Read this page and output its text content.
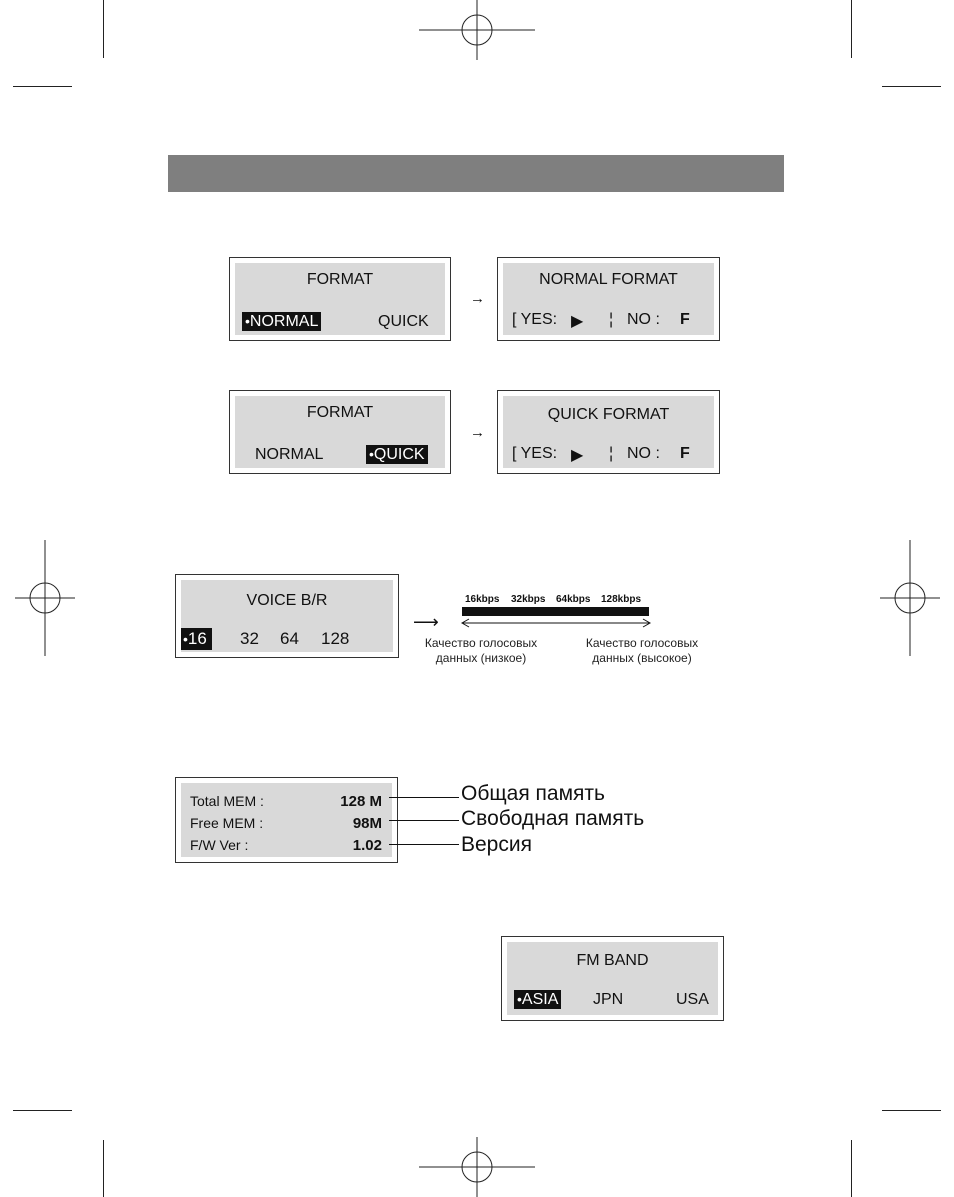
FORMAT
•NORMAL	QUICK
→
NORMAL FORMAT
[ YES: ▶ ¦ NO : F
FORMAT
NORMAL	•QUICK
→
QUICK FORMAT
[ YES: ▶ ¦ NO : F
VOICE B/R
•16 32 64 128
⟶
16kbps 32kbps 64kbps 128kbps
Качество голосовых
данных (низкое)
Качество голосовых
данных (высокое)
Total MEM :	128 M
Free MEM :	98M
F/W Ver :	1.02
Общая память
Свободная память
Версия
FM BAND
•ASIA JPN	USA
